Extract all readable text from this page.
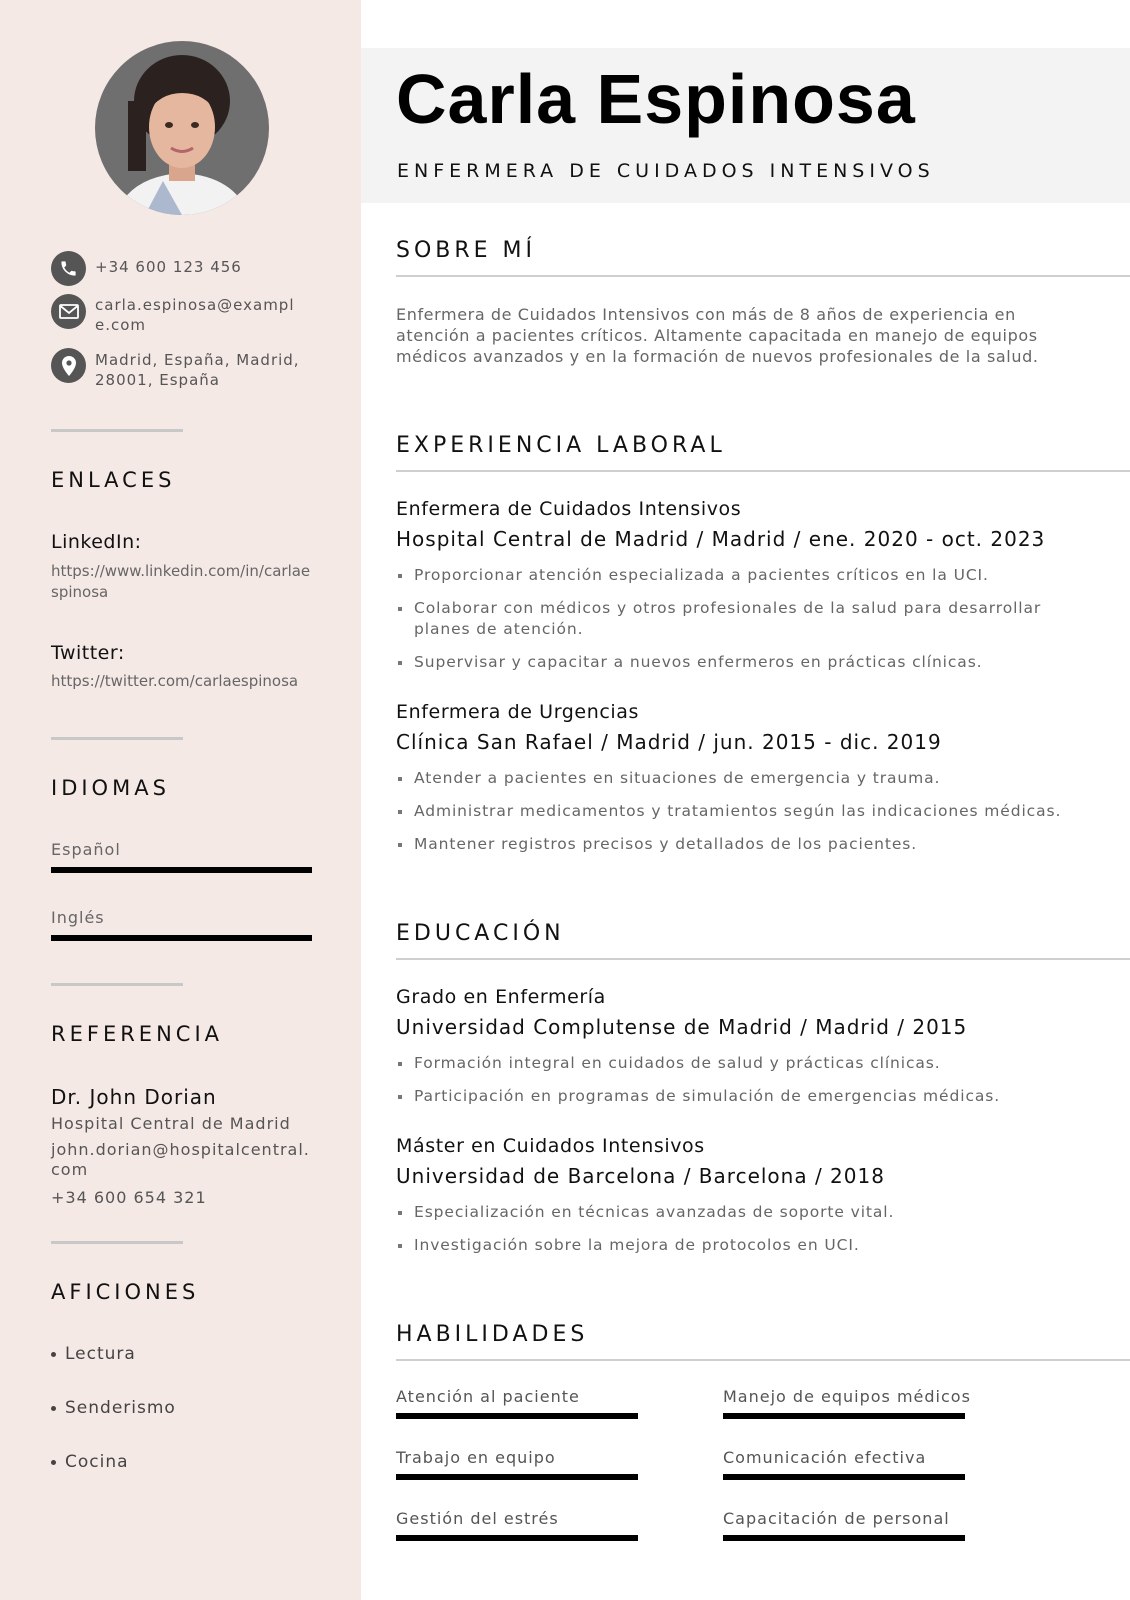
+34 600 123 456
carla.espinosa@example.com
Madrid, España, Madrid, 28001, España
ENLACES
LinkedIn:
https://www.linkedin.com/in/carlaespinosa
Twitter:
https://twitter.com/carlaespinosa
IDIOMAS
Español
Inglés
REFERENCIA
Dr. John Dorian
Hospital Central de Madrid
john.dorian@hospitalcentral.com
+34 600 654 321
AFICIONES
Lectura
Senderismo
Cocina
Carla Espinosa
ENFERMERA DE CUIDADOS INTENSIVOS
SOBRE MÍ
Enfermera de Cuidados Intensivos con más de 8 años de experiencia en atención a pacientes críticos. Altamente capacitada en manejo de equipos médicos avanzados y en la formación de nuevos profesionales de la salud.
EXPERIENCIA LABORAL
Enfermera de Cuidados Intensivos
Hospital Central de Madrid / Madrid / ene. 2020 - oct. 2023
Proporcionar atención especializada a pacientes críticos en la UCI.
Colaborar con médicos y otros profesionales de la salud para desarrollar planes de atención.
Supervisar y capacitar a nuevos enfermeros en prácticas clínicas.
Enfermera de Urgencias
Clínica San Rafael / Madrid / jun. 2015 - dic. 2019
Atender a pacientes en situaciones de emergencia y trauma.
Administrar medicamentos y tratamientos según las indicaciones médicas.
Mantener registros precisos y detallados de los pacientes.
EDUCACIÓN
Grado en Enfermería
Universidad Complutense de Madrid / Madrid / 2015
Formación integral en cuidados de salud y prácticas clínicas.
Participación en programas de simulación de emergencias médicas.
Máster en Cuidados Intensivos
Universidad de Barcelona / Barcelona / 2018
Especialización en técnicas avanzadas de soporte vital.
Investigación sobre la mejora de protocolos en UCI.
HABILIDADES
Atención al paciente	Manejo de equipos médicos
Trabajo en equipo	Comunicación efectiva
Gestión del estrés	Capacitación de personal
